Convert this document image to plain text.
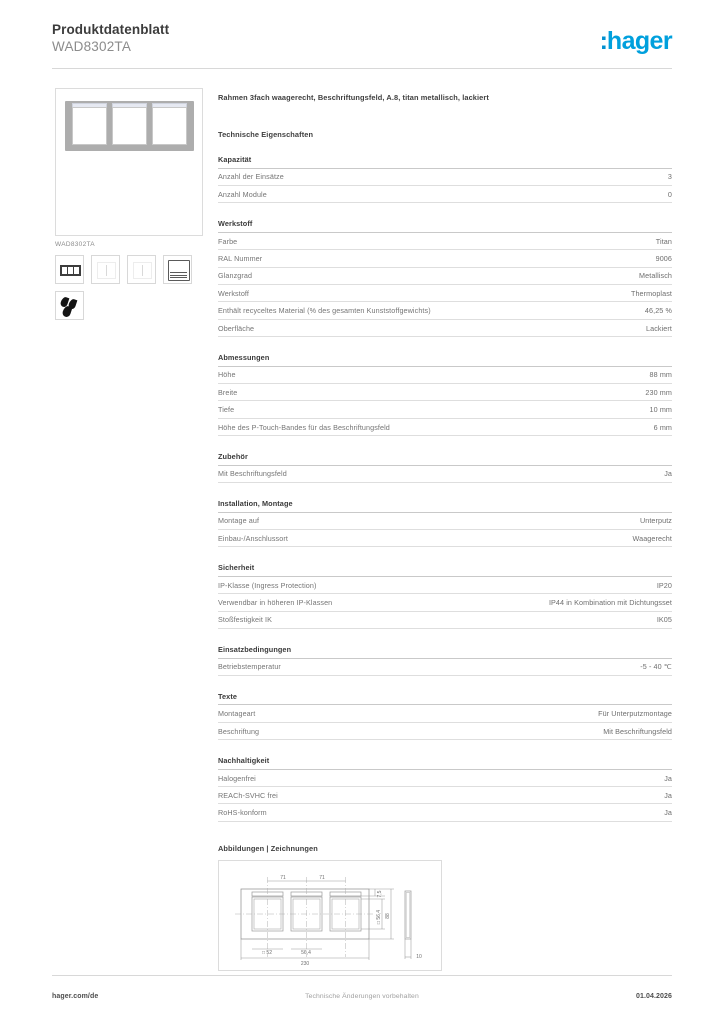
Produktdatenblatt
WAD8302TA	:hager
WAD8302TA
Rahmen 3fach waagerecht, Beschriftungsfeld, A.8, titan metallisch, lackiert
Technische Eigenschaften
Kapazität
Anzahl der Einsätze	3
Anzahl Module	0
Werkstoff
Farbe	Titan
RAL Nummer	9006
Glanzgrad	Metallisch
Werkstoff	Thermoplast
Enthält recyceltes Material (% des gesamten Kunststoffgewichts)	46,25 %
Oberfläche	Lackiert
Abmessungen
Höhe	88 mm
Breite	230 mm
Tiefe	10 mm
Höhe des P-Touch-Bandes für das Beschriftungsfeld	6 mm
Zubehör
Mit Beschriftungsfeld	Ja
Installation, Montage
Montage auf	Unterputz
Einbau-/Anschlussort	Waagerecht
Sicherheit
IP-Klasse (Ingress Protection)	IP20
Verwendbar in höheren IP-Klassen	IP44 in Kombination mit Dichtungsset
Stoßfestigkeit IK	IK05
Einsatzbedingungen
Betriebstemperatur	-5 - 40 ℃
Texte
Montageart	Für Unterputzmontage
Beschriftung	Mit Beschriftungsfeld
Nachhaltigkeit
Halogenfrei	Ja
REACh-SVHC frei	Ja
RoHS-konform	Ja
Abbildungen | Zeichnungen
71	71
7,5
□ 56,4 88
□ 52	56,4
230
10
hager.com/de	Technische Änderungen vorbehalten	01.04.2026
